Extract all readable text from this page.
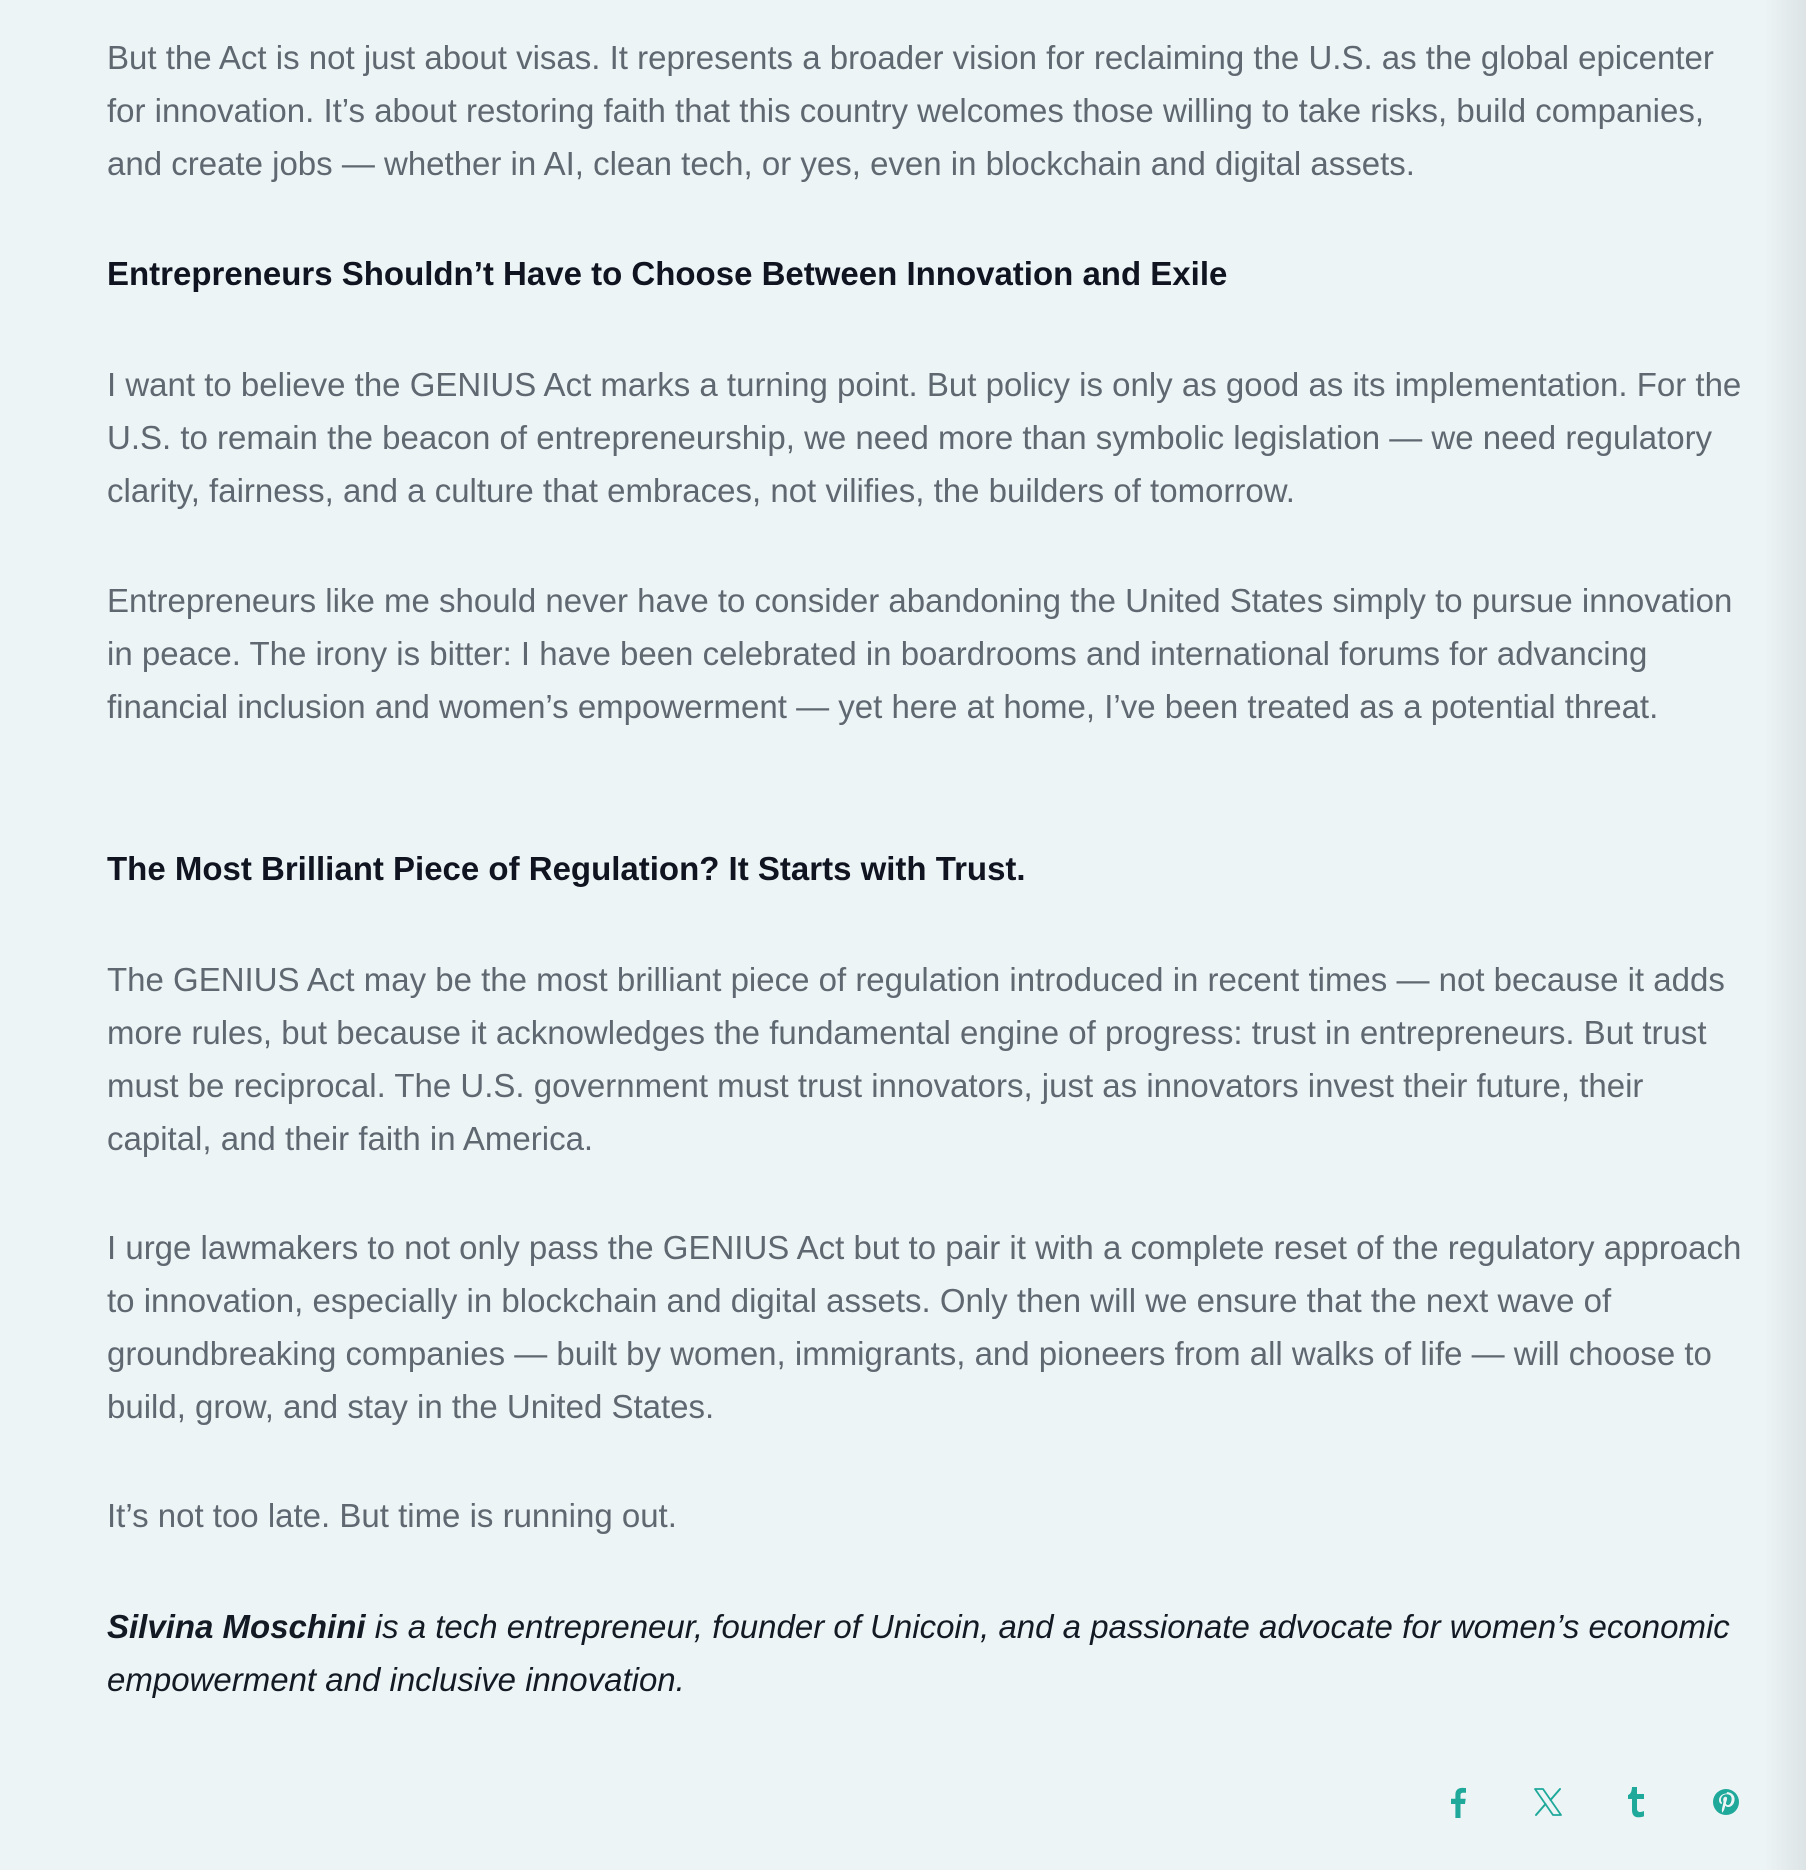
But the Act is not just about visas. It represents a broader vision for reclaiming the U.S. as the global epicenter for innovation. It’s about restoring faith that this country welcomes those willing to take risks, build companies, and create jobs — whether in AI, clean tech, or yes, even in blockchain and digital assets.

Entrepreneurs Shouldn’t Have to Choose Between Innovation and Exile

I want to believe the GENIUS Act marks a turning point. But policy is only as good as its implementation. For the U.S. to remain the beacon of entrepreneurship, we need more than symbolic legislation — we need regulatory clarity, fairness, and a culture that embraces, not vilifies, the builders of tomorrow.

Entrepreneurs like me should never have to consider abandoning the United States simply to pursue innovation in peace. The irony is bitter: I have been celebrated in boardrooms and international forums for advancing financial inclusion and women’s empowerment — yet here at home, I’ve been treated as a potential threat.

The Most Brilliant Piece of Regulation? It Starts with Trust.

The GENIUS Act may be the most brilliant piece of regulation introduced in recent times — not because it adds more rules, but because it acknowledges the fundamental engine of progress: trust in entrepreneurs. But trust must be reciprocal. The U.S. government must trust innovators, just as innovators invest their future, their capital, and their faith in America.

I urge lawmakers to not only pass the GENIUS Act but to pair it with a complete reset of the regulatory approach to innovation, especially in blockchain and digital assets. Only then will we ensure that the next wave of groundbreaking companies — built by women, immigrants, and pioneers from all walks of life — will choose to build, grow, and stay in the United States.

It’s not too late. But time is running out.

Silvina Moschini is a tech entrepreneur, founder of Unicoin, and a passionate advocate for women’s economic empowerment and inclusive innovation.
